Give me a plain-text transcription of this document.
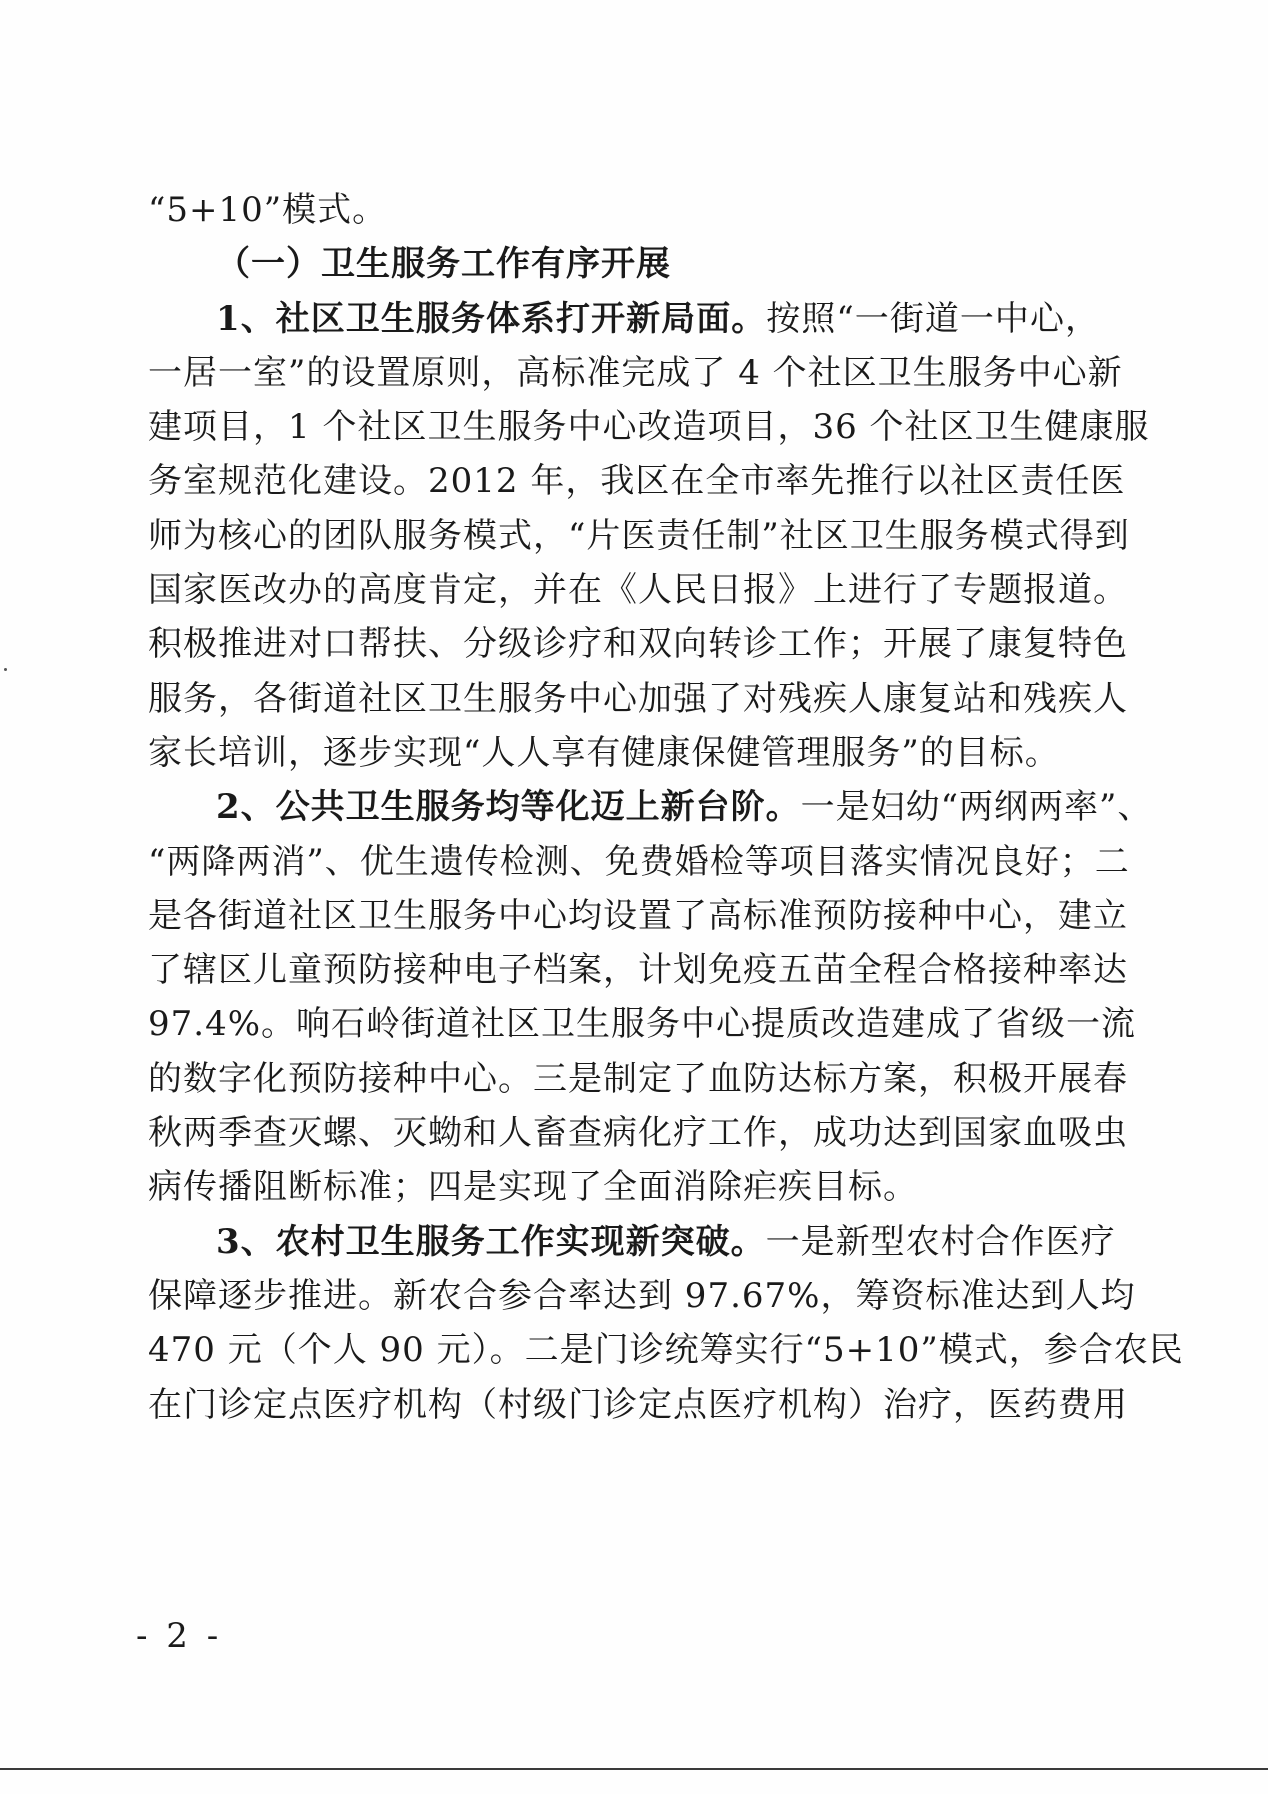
“5+10”模式。
（一）卫生服务工作有序开展
1、社区卫生服务体系打开新局面。按照“一街道一中心，
一居一室”的设置原则，高标准完成了 4 个社区卫生服务中心新
建项目，1 个社区卫生服务中心改造项目，36 个社区卫生健康服
务室规范化建设。2012 年，我区在全市率先推行以社区责任医
师为核心的团队服务模式，“片医责任制”社区卫生服务模式得到
国家医改办的高度肯定，并在《人民日报》上进行了专题报道。
积极推进对口帮扶、分级诊疗和双向转诊工作；开展了康复特色
服务，各街道社区卫生服务中心加强了对残疾人康复站和残疾人
家长培训，逐步实现“人人享有健康保健管理服务”的目标。
2、公共卫生服务均等化迈上新台阶。一是妇幼“两纲两率”、
“两降两消”、优生遗传检测、免费婚检等项目落实情况良好；二
是各街道社区卫生服务中心均设置了高标准预防接种中心，建立
了辖区儿童预防接种电子档案，计划免疫五苗全程合格接种率达
97.4%。响石岭街道社区卫生服务中心提质改造建成了省级一流
的数字化预防接种中心。三是制定了血防达标方案，积极开展春
秋两季查灭螺、灭蚴和人畜查病化疗工作，成功达到国家血吸虫
病传播阻断标准；四是实现了全面消除疟疾目标。
3、农村卫生服务工作实现新突破。一是新型农村合作医疗
保障逐步推进。新农合参合率达到 97.67%，筹资标准达到人均
470 元（个人 90 元）。二是门诊统筹实行“5+10”模式，参合农民
在门诊定点医疗机构（村级门诊定点医疗机构）治疗，医药费用
- 2 -
